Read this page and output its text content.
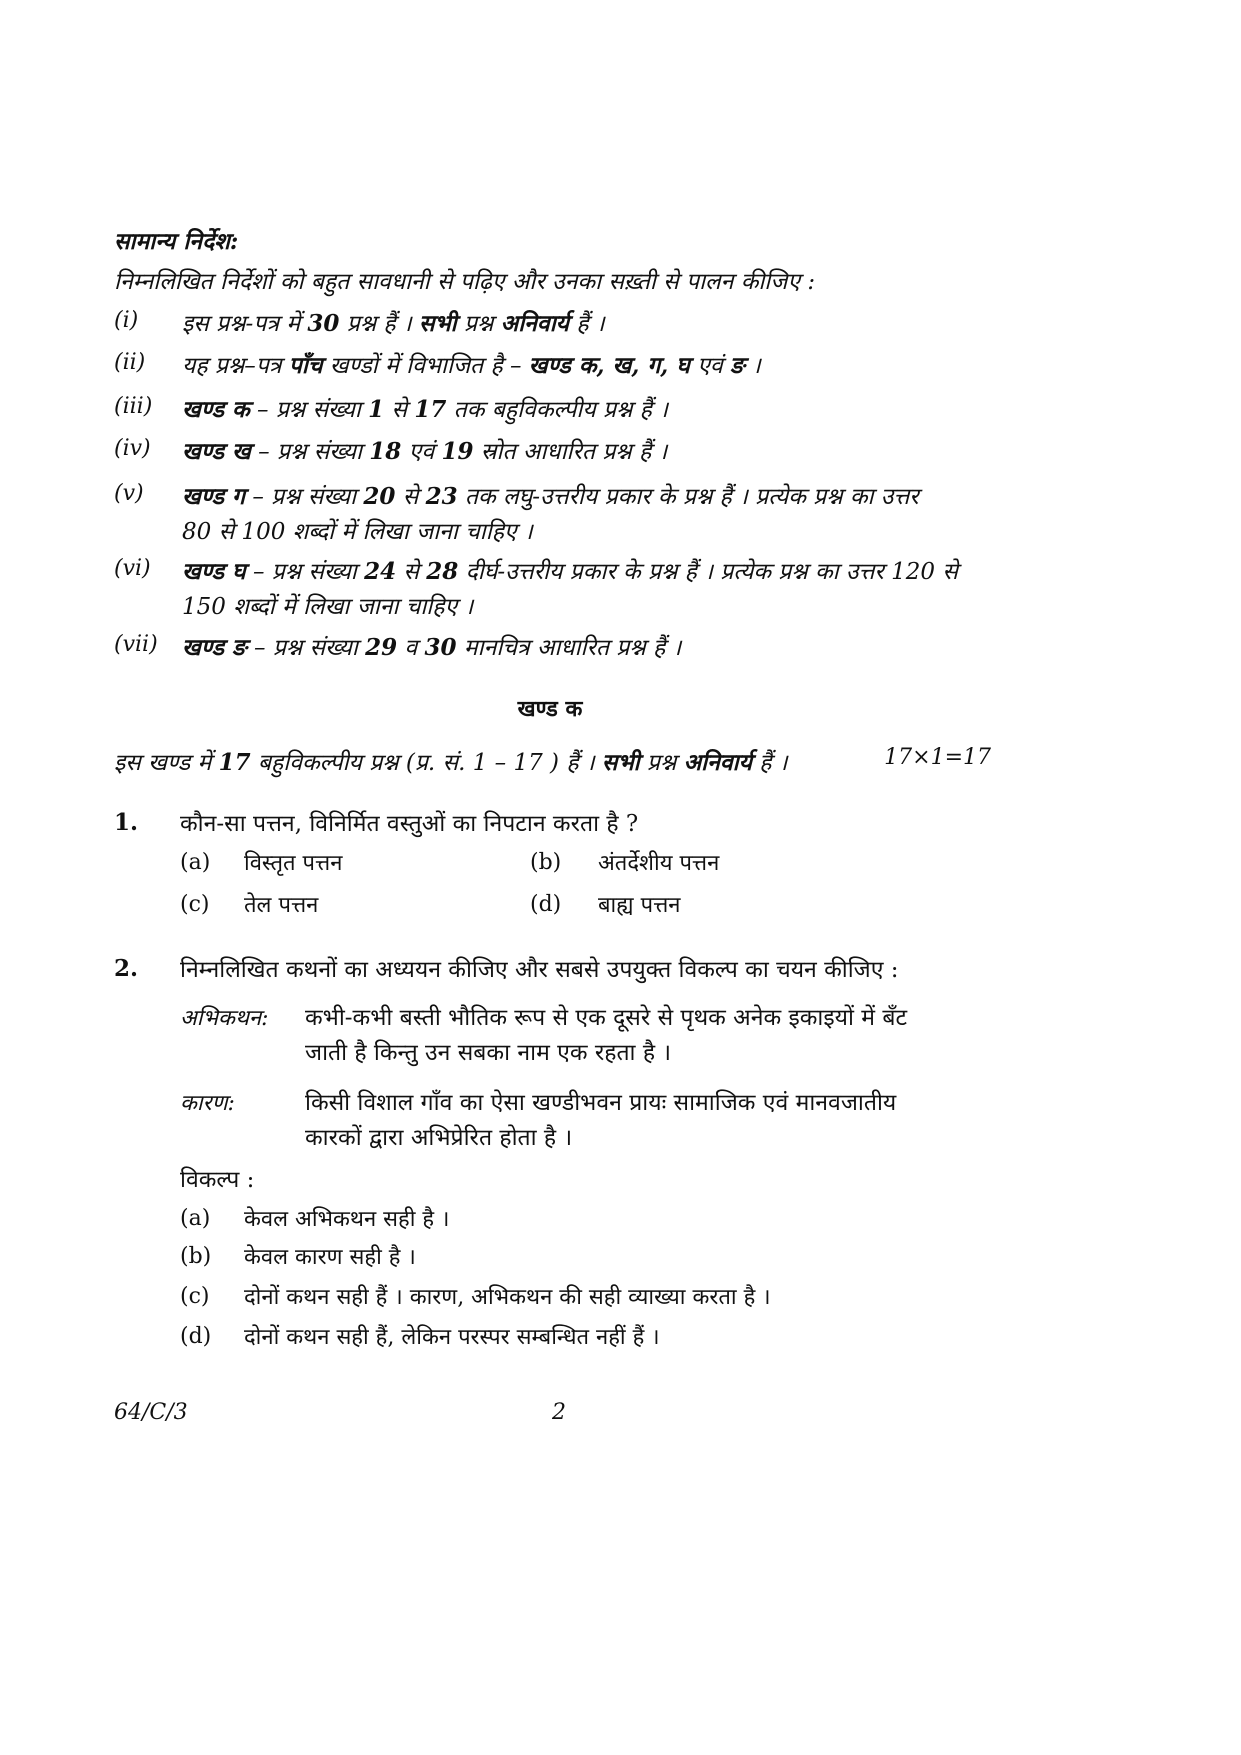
सामान्य निर्देश:
निम्नलिखित निर्देशों को बहुत सावधानी से पढ़िए और उनका सख़्ती से पालन कीजिए :
(i) इस प्रश्न-पत्र में 30 प्रश्न हैं । सभी प्रश्न अनिवार्य हैं ।
(ii) यह प्रश्न–पत्र पाँच खण्डों में विभाजित है – खण्ड क, ख, ग, घ एवं ङ ।
(iii) खण्ड क – प्रश्न संख्या 1 से 17 तक बहुविकल्पीय प्रश्न हैं ।
(iv) खण्ड ख – प्रश्न संख्या 18 एवं 19 स्रोत आधारित प्रश्न हैं ।
(v) खण्ड ग – प्रश्न संख्या 20 से 23 तक लघु-उत्तरीय प्रकार के प्रश्न हैं । प्रत्येक प्रश्न का उत्तर
80 से 100 शब्दों में लिखा जाना चाहिए ।
(vi) खण्ड घ – प्रश्न संख्या 24 से 28 दीर्घ-उत्तरीय प्रकार के प्रश्न हैं । प्रत्येक प्रश्न का उत्तर 120 से
150 शब्दों में लिखा जाना चाहिए ।
(vii) खण्ड ङ – प्रश्न संख्या 29 व 30 मानचित्र आधारित प्रश्न हैं ।
खण्ड क
इस खण्ड में 17 बहुविकल्पीय प्रश्न (प्र. सं. 1 – 17 ) हैं । सभी प्रश्न अनिवार्य हैं ।	17×1=17
1. कौन-सा पत्तन, विनिर्मित वस्तुओं का निपटान करता है ?
(a) विस्तृत पत्तन	(b) अंतर्देशीय पत्तन
(c) तेल पत्तन	(d) बाह्य पत्तन
2. निम्नलिखित कथनों का अध्ययन कीजिए और सबसे उपयुक्त विकल्प का चयन कीजिए :
अभिकथन: कभी-कभी बस्ती भौतिक रूप से एक दूसरे से पृथक अनेक इकाइयों में बँट
जाती है किन्तु उन सबका नाम एक रहता है ।
कारण:	किसी विशाल गाँव का ऐसा खण्डीभवन प्रायः सामाजिक एवं मानवजातीय
कारकों द्वारा अभिप्रेरित होता है ।
विकल्प :
(a) केवल अभिकथन सही है ।
(b) केवल कारण सही है ।
(c) दोनों कथन सही हैं । कारण, अभिकथन की सही व्याख्या करता है ।
(d) दोनों कथन सही हैं, लेकिन परस्पर सम्बन्धित नहीं हैं ।
64/C/3	2
